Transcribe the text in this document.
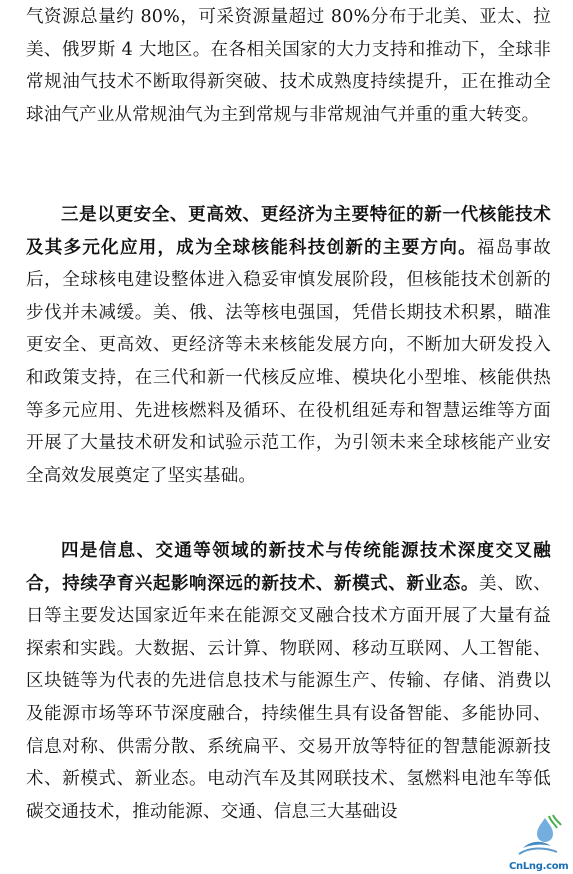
气资源总量约 80%，可采资源量超过 80%分布于北美、亚太、拉美、俄罗斯 4 大地区。在各相关国家的大力支持和推动下，全球非常规油气技术不断取得新突破、技术成熟度持续提升，正在推动全球油气产业从常规油气为主到常规与非常规油气并重的重大转变。
三是以更安全、更高效、更经济为主要特征的新一代核能技术及其多元化应用，成为全球核能科技创新的主要方向。福岛事故后，全球核电建设整体进入稳妥审慎发展阶段，但核能技术创新的步伐并未减缓。美、俄、法等核电强国，凭借长期技术积累，瞄准更安全、更高效、更经济等未来核能发展方向，不断加大研发投入和政策支持，在三代和新一代核反应堆、模块化小型堆、核能供热等多元应用、先进核燃料及循环、在役机组延寿和智慧运维等方面开展了大量技术研发和试验示范工作，为引领未来全球核能产业安全高效发展奠定了坚实基础。
四是信息、交通等领域的新技术与传统能源技术深度交叉融合，持续孕育兴起影响深远的新技术、新模式、新业态。美、欧、日等主要发达国家近年来在能源交叉融合技术方面开展了大量有益探索和实践。大数据、云计算、物联网、移动互联网、人工智能、区块链等为代表的先进信息技术与能源生产、传输、存储、消费以及能源市场等环节深度融合，持续催生具有设备智能、多能协同、信息对称、供需分散、系统扁平、交易开放等特征的智慧能源新技术、新模式、新业态。电动汽车及其网联技术、氢燃料电池车等低碳交通技术，推动能源、交通、信息三大基础设
CnLng.com
